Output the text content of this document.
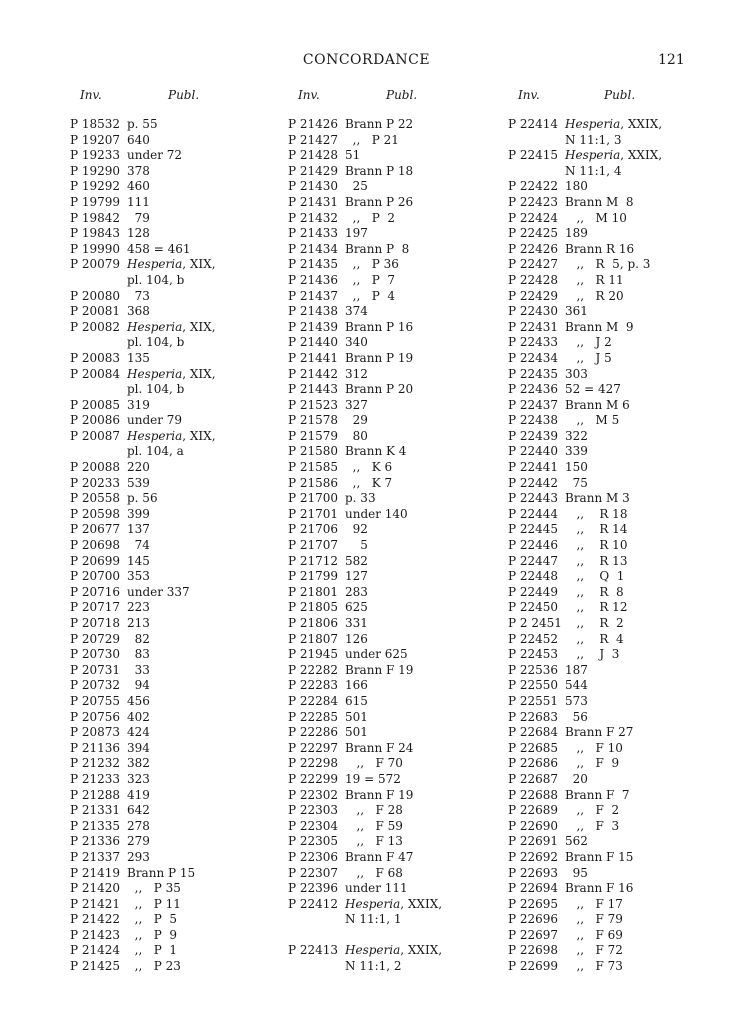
CONCORDANCE	121
Inv.	Publ.
P 18532 p. 55
P 19207 640
P 19233 under 72
P 19290 378
P 19292 460
P 19799 111
P 19842 79
P 19843 128
P 19990 458 = 461
P 20079 Hesperia, XIX,
pl. 104, b
P 20080 73
P 20081 368
P 20082 Hesperia, XIX,
pl. 104, b
P 20083 135
P 20084 Hesperia, XIX,
pl. 104, b
P 20085 319
P 20086 under 79
P 20087 Hesperia, XIX,
pl. 104, a
P 20088 220
P 20233 539
P 20558 p. 56
P 20598 399
P 20677 137
P 20698 74
P 20699 145
P 20700 353
P 20716 under 337
P 20717 223
P 20718 213
P 20729 82
P 20730 83
P 20731 33
P 20732 94
P 20755 456
P 20756 402
P 20873 424
P 21136 394
P 21232 382
P 21233 323
P 21288 419
P 21331 642
P 21335 278
P 21336 279
P 21337 293
P 21419 Brann P 15
P 21420 ,,   P 35
P 21421 ,,   P 11
P 21422 ,,   P  5
P 21423 ,,   P  9
P 21424 ,,   P  1
P 21425 ,,   P 23
Inv.	Publ.
P 21426 Brann P 22
P 21427 ,,   P 21
P 21428 51
P 21429 Brann P 18
P 21430 25
P 21431 Brann P 26
P 21432 ,,   P  2
P 21433 197
P 21434 Brann P  8
P 21435 ,,   P 36
P 21436 ,,   P  7
P 21437 ,,   P  4
P 21438 374
P 21439 Brann P 16
P 21440 340
P 21441 Brann P 19
P 21442 312
P 21443 Brann P 20
P 21523 327
P 21578 29
P 21579 80
P 21580 Brann K 4
P 21585 ,,   K 6
P 21586 ,,   K 7
P 21700 p. 33
P 21701 under 140
P 21706 92
P 21707 5
P 21712 582
P 21799 127
P 21801 283
P 21805 625
P 21806 331
P 21807 126
P 21945 under 625
P 22282 Brann F 19
P 22283 166
P 22284 615
P 22285 501
P 22286 501
P 22297 Brann F 24
P 22298 ,,   F 70
P 22299 19 = 572
P 22302 Brann F 19
P 22303 ,,   F 28
P 22304 ,,   F 59
P 22305 ,,   F 13
P 22306 Brann F 47
P 22307 ,,   F 68
P 22396 under 111
P 22412 Hesperia, XXIX,
N 11:1, 1
P 22413 Hesperia, XXIX,
N 11:1, 2
Inv.	Publ.
P 22414 Hesperia, XXIX,
N 11:1, 3
P 22415 Hesperia, XXIX,
N 11:1, 4
P 22422 180
P 22423 Brann M  8
P 22424 ,,   M 10
P 22425 189
P 22426 Brann R 16
P 22427 ,,   R  5, p. 3
P 22428 ,,   R 11
P 22429 ,,   R 20
P 22430 361
P 22431 Brann M  9
P 22433 ,,   J 2
P 22434 ,,   J 5
P 22435 303
P 22436 52 = 427
P 22437 Brann M 6
P 22438 ,,   M 5
P 22439 322
P 22440 339
P 22441 150
P 22442 75
P 22443 Brann M 3
P 22444 ,,    R 18
P 22445 ,,    R 14
P 22446 ,,    R 10
P 22447 ,,    R 13
P 22448 ,,    Q  1
P 22449 ,,    R  8
P 22450 ,,    R 12
P 2 2451 ,,    R  2
P 22452 ,,    R  4
P 22453 ,,    J  3
P 22536 187
P 22550 544
P 22551 573
P 22683 56
P 22684 Brann F 27
P 22685 ,,   F 10
P 22686 ,,   F  9
P 22687 20
P 22688 Brann F  7
P 22689 ,,   F  2
P 22690 ,,   F  3
P 22691 562
P 22692 Brann F 15
P 22693 95
P 22694 Brann F 16
P 22695 ,,   F 17
P 22696 ,,   F 79
P 22697 ,,   F 69
P 22698 ,,   F 72
P 22699 ,,   F 73
